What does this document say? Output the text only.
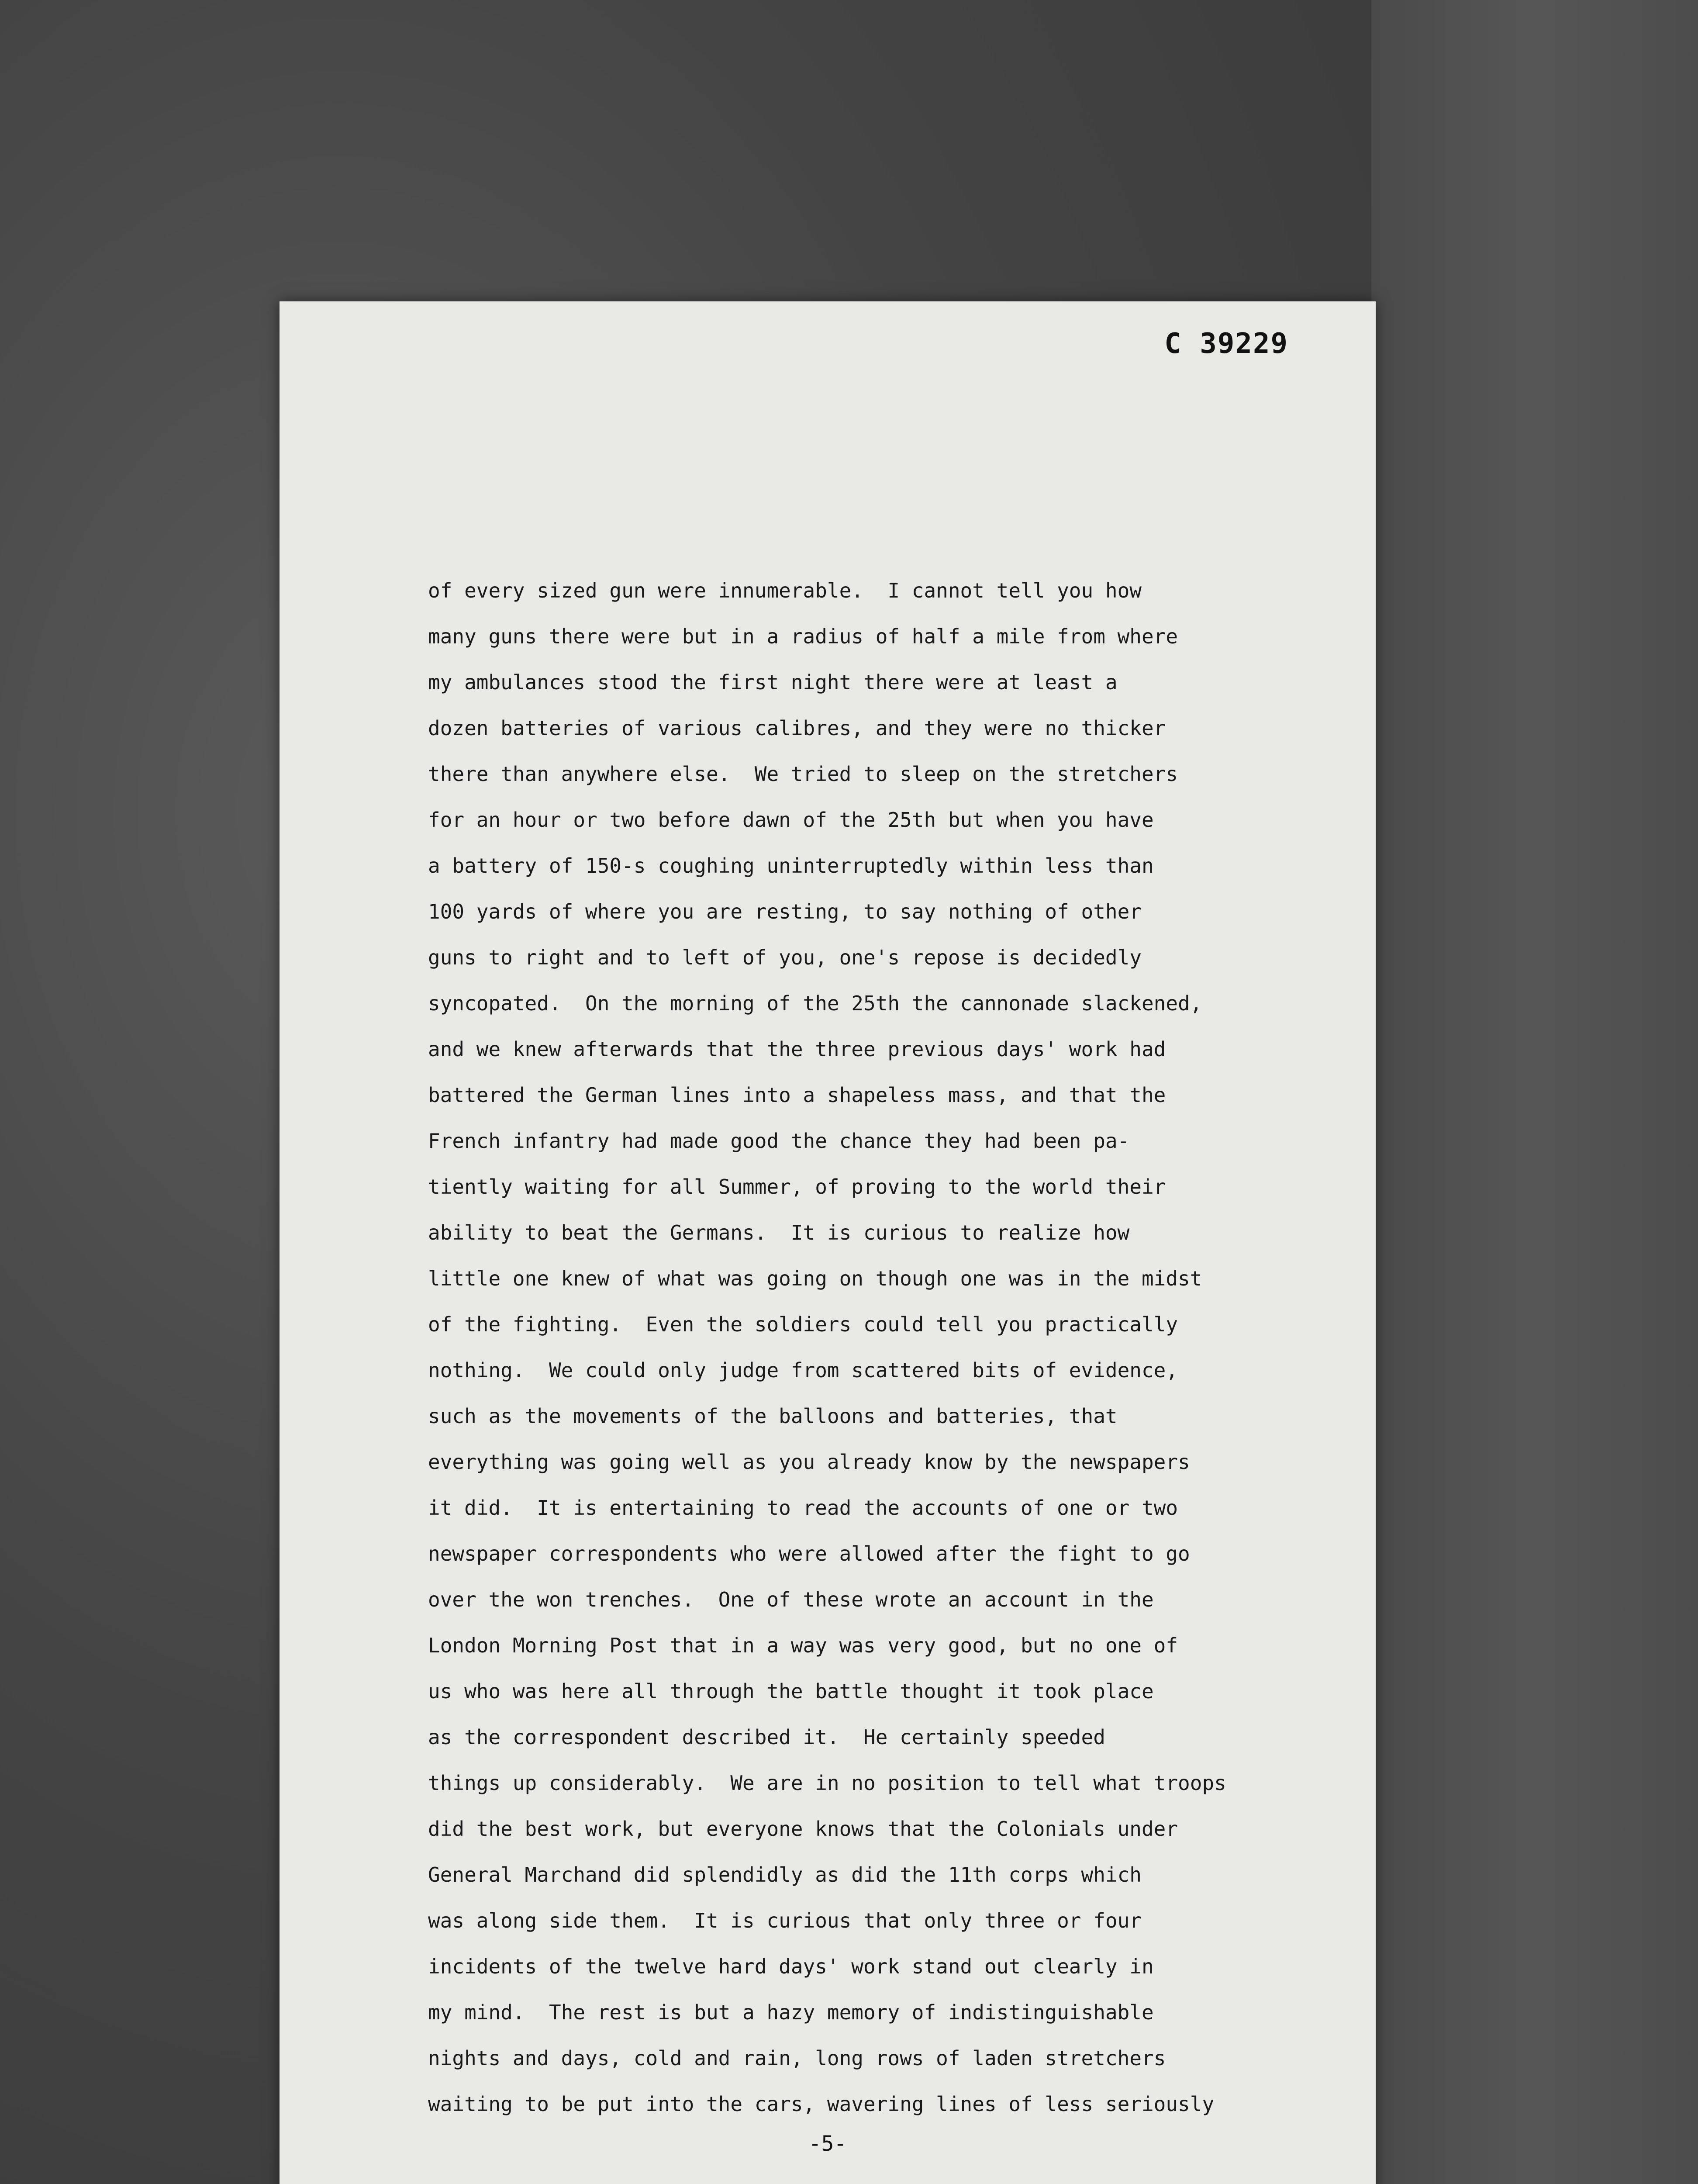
C 39229
of every sized gun were innumerable.  I cannot tell you how
many guns there were but in a radius of half a mile from where
my ambulances stood the first night there were at least a
dozen batteries of various calibres, and they were no thicker
there than anywhere else.  We tried to sleep on the stretchers
for an hour or two before dawn of the 25th but when you have
a battery of 150-s coughing uninterruptedly within less than
100 yards of where you are resting, to say nothing of other
guns to right and to left of you, one's repose is decidedly
syncopated.  On the morning of the 25th the cannonade slackened,
and we knew afterwards that the three previous days' work had
battered the German lines into a shapeless mass, and that the
French infantry had made good the chance they had been pa-
tiently waiting for all Summer, of proving to the world their
ability to beat the Germans.  It is curious to realize how
little one knew of what was going on though one was in the midst
of the fighting.  Even the soldiers could tell you practically
nothing.  We could only judge from scattered bits of evidence,
such as the movements of the balloons and batteries, that
everything was going well as you already know by the newspapers
it did.  It is entertaining to read the accounts of one or two
newspaper correspondents who were allowed after the fight to go
over the won trenches.  One of these wrote an account in the
London Morning Post that in a way was very good, but no one of
us who was here all through the battle thought it took place
as the correspondent described it.  He certainly speeded
things up considerably.  We are in no position to tell what troops
did the best work, but everyone knows that the Colonials under
General Marchand did splendidly as did the 11th corps which
was along side them.  It is curious that only three or four
incidents of the twelve hard days' work stand out clearly in
my mind.  The rest is but a hazy memory of indistinguishable
nights and days, cold and rain, long rows of laden stretchers
waiting to be put into the cars, wavering lines of less seriously
-5-
